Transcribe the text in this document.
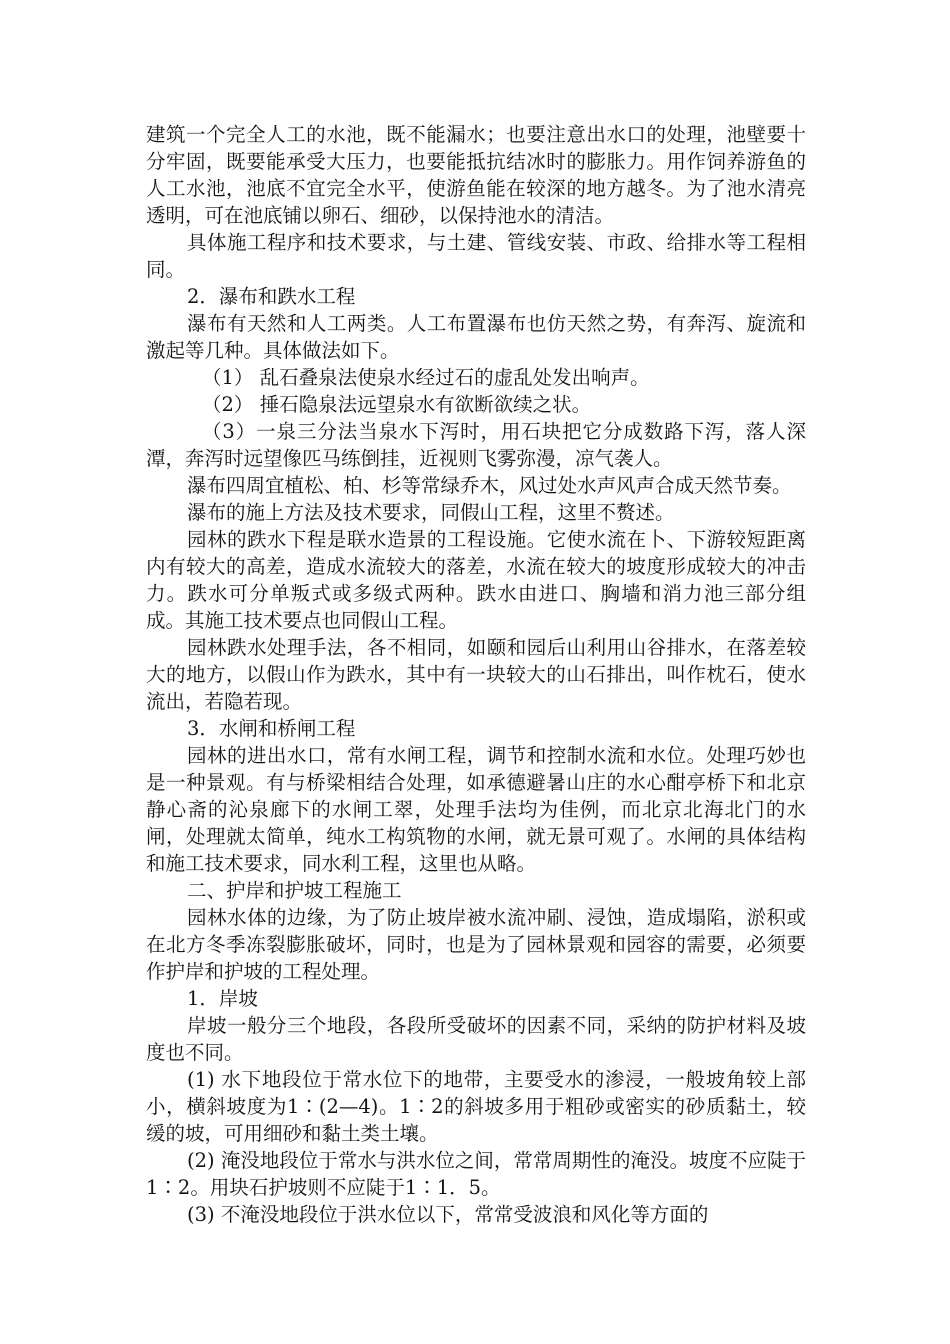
建筑一个完全人工的水池，既不能漏水；也要注意出水口的处理，池壁要十分牢固，既要能承受大压力，也要能抵抗结冰时的膨胀力。用作饲养游鱼的人工水池，池底不宜完全水平，使游鱼能在较深的地方越冬。为了池水清亮透明，可在池底铺以卵石、细砂，以保持池水的清洁。

具体施工程序和技术要求，与土建、管线安装、市政、给排水等工程相同。

2．瀑布和跌水工程

瀑布有天然和人工两类。人工布置瀑布也仿天然之势，有奔泻、旋流和激起等几种。具体做法如下。

（1） 乱石叠泉法使泉水经过石的虚乱处发出响声。

（2） 捶石隐泉法远望泉水有欲断欲续之状。

（3）一泉三分法当泉水下泻时，用石块把它分成数路下泻，落人深潭，奔泻时远望像匹马练倒挂，近视则飞雾弥漫，凉气袭人。

瀑布四周宜植松、柏、杉等常绿乔木，风过处水声风声合成天然节奏。

瀑布的施上方法及技术要求，同假山工程，这里不赘述。

园林的跌水下程是联水造景的工程设施。它使水流在卜、下游较短距离内有较大的高差，造成水流较大的落差，水流在较大的坡度形成较大的冲击力。跌水可分单叛式或多级式两种。跌水由进口、胸墙和消力池三部分组成。其施工技术要点也同假山工程。

园林跌水处理手法，各不相同，如颐和园后山利用山谷排水，在落差较大的地方，以假山作为跌水，其中有一块较大的山石排出，叫作枕石，使水流出，若隐若现。

3．水闸和桥闸工程

园林的进出水口，常有水闸工程，调节和控制水流和水位。处理巧妙也是一种景观。有与桥梁相结合处理，如承德避暑山庄的水心酣亭桥下和北京静心斋的沁泉廊下的水闸工翠，处理手法均为佳例，而北京北海北门的水闸，处理就太简单，纯水工构筑物的水闸，就无景可观了。水闸的具体结构和施工技术要求，同水利工程，这里也从略。

二、护岸和护坡工程施工

园林水体的边缘，为了防止坡岸被水流冲刷、浸蚀，造成塌陷，淤积或在北方冬季冻裂膨胀破坏，同时，也是为了园林景观和园容的需要，必须要作护岸和护坡的工程处理。

1．岸坡

岸坡一般分三个地段，各段所受破坏的因素不同，采纳的防护材料及坡度也不同。

(1) 水下地段位于常水位下的地带，主要受水的渗浸，一般坡角较上部小，横斜坡度为1∶(2—4)。1∶2的斜坡多用于粗砂或密实的砂质黏土，较缓的坡，可用细砂和黏土类土壤。

(2) 淹没地段位于常水与洪水位之间，常常周期性的淹没。坡度不应陡于1∶2。用块石护坡则不应陡于1∶1．5。

(3) 不淹没地段位于洪水位以下，常常受波浪和风化等方面的
